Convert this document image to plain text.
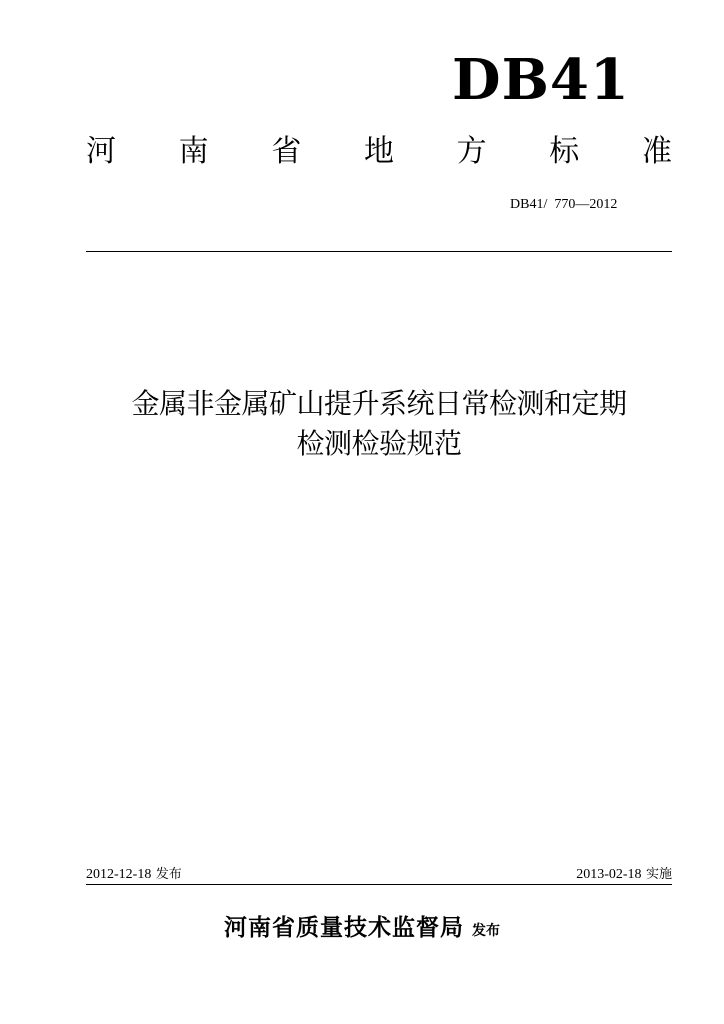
DB41
河 南 省 地 方 标 准
DB41/  770—2012
金属非金属矿山提升系统日常检测和定期
检测检验规范
2012-12-18 发布	2013-02-18 实施
河南省质量技术监督局 发布
